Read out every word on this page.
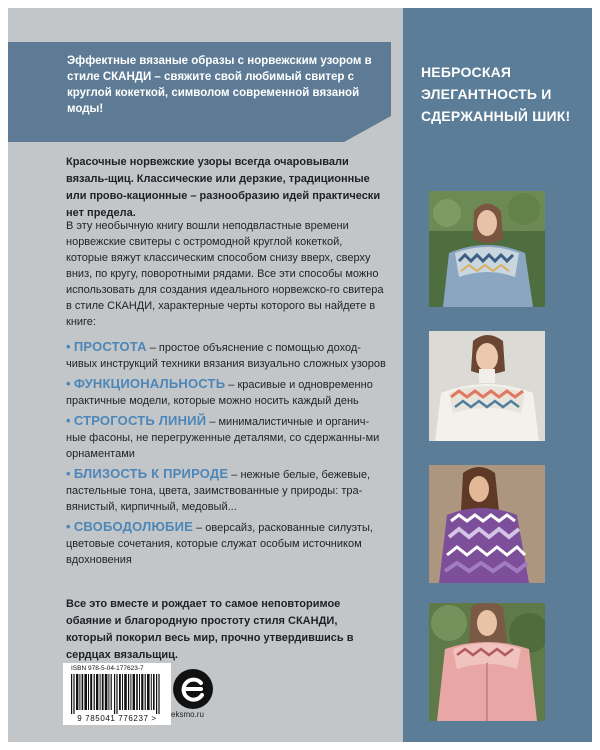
Эффектные вязаные образы с норвежским узором в стиле СКАНДИ – свяжите свой любимый свитер с круглой кокеткой, символом современной вязаной моды!
НЕБРОСКАЯ ЭЛЕГАНТНОСТЬ И СДЕРЖАННЫЙ ШИК!
Красочные норвежские узоры всегда очаровывали вязаль-щиц. Классические или дерзкие, традиционные или прово-кационные – разнообразию идей практически нет предела.
В эту необычную книгу вошли неподвластные времени норвежские свитеры с остромодной круглой кокеткой, которые вяжут классическим способом снизу вверх, сверху вниз, по кругу, поворотными рядами. Все эти способы можно использовать для создания идеального норвежско-го свитера в стиле СКАНДИ, характерные черты которого вы найдете в книге:
• ПРОСТОТА – простое объяснение с помощью доход-чивых инструкций техники вязания визуально сложных узоров
• ФУНКЦИОНАЛЬНОСТЬ – красивые и одновременно практичные модели, которые можно носить каждый день
• СТРОГОСТЬ ЛИНИЙ – минималистичные и органич-ные фасоны, не перегруженные деталями, со сдержанны-ми орнаментами
• БЛИЗОСТЬ К ПРИРОДЕ – нежные белые, бежевые, пастельные тона, цвета, заимствованные у природы: тра-вянистый, кирпичный, медовый...
• СВОБОДОЛЮБИЕ – оверсайз, раскованные силуэты, цветовые сочетания, которые служат особым источником вдохновения
Все это вместе и рождает то самое неповторимое обаяние и благородную простоту стиля СКАНДИ, который покорил весь мир, прочно утвердившись в сердцах вязальщиц.
ISBN 978-5-04-177623-7
9 785041 776237 >	eksmo.ru
